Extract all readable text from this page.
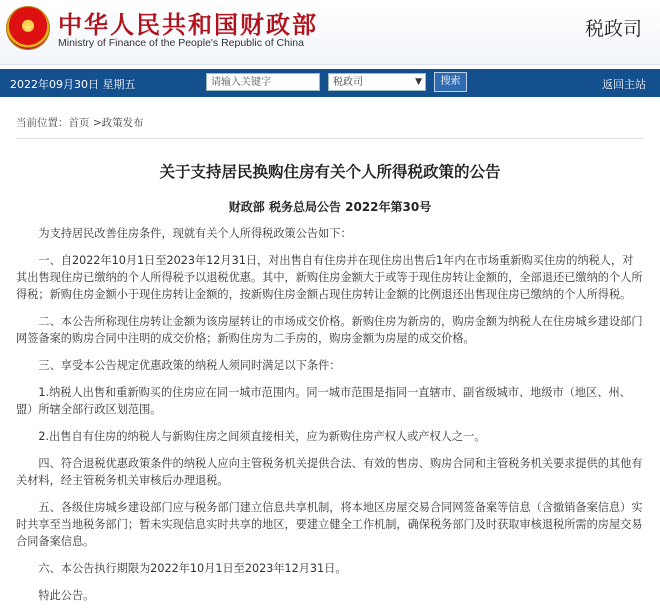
★ 中华人民共和国财政部
Ministry of Finance of the People's Republic of China
税政司
2022年09月30日 星期五	请输入关键字	税政司	▼	搜索	返回主站
当前位置：首页 >政策发布
关于支持居民换购住房有关个人所得税政策的公告
财政部 税务总局公告 2022年第30号

为支持居民改善住房条件，现就有关个人所得税政策公告如下：

一、自2022年10月1日至2023年12月31日，对出售自有住房并在现住房出售后1年内在市场重新购买住房的纳税人，对其出售现住房已缴纳的个人所得税予以退税优惠。其中，新购住房金额大于或等于现住房转让金额的，全部退还已缴纳的个人所得税；新购住房金额小于现住房转让金额的，按新购住房金额占现住房转让金额的比例退还出售现住房已缴纳的个人所得税。

二、本公告所称现住房转让金额为该房屋转让的市场成交价格。新购住房为新房的，购房金额为纳税人在住房城乡建设部门网签备案的购房合同中注明的成交价格；新购住房为二手房的，购房金额为房屋的成交价格。

三、享受本公告规定优惠政策的纳税人须同时满足以下条件：

1.纳税人出售和重新购买的住房应在同一城市范围内。同一城市范围是指同一直辖市、副省级城市、地级市（地区、州、盟）所辖全部行政区划范围。

2.出售自有住房的纳税人与新购住房之间须直接相关，应为新购住房产权人或产权人之一。

四、符合退税优惠政策条件的纳税人应向主管税务机关提供合法、有效的售房、购房合同和主管税务机关要求提供的其他有关材料，经主管税务机关审核后办理退税。

五、各级住房城乡建设部门应与税务部门建立信息共享机制，将本地区房屋交易合同网签备案等信息（含撤销备案信息）实时共享至当地税务部门；暂未实现信息实时共享的地区，要建立健全工作机制，确保税务部门及时获取审核退税所需的房屋交易合同备案信息。

六、本公告执行期限为2022年10月1日至2023年12月31日。

特此公告。
